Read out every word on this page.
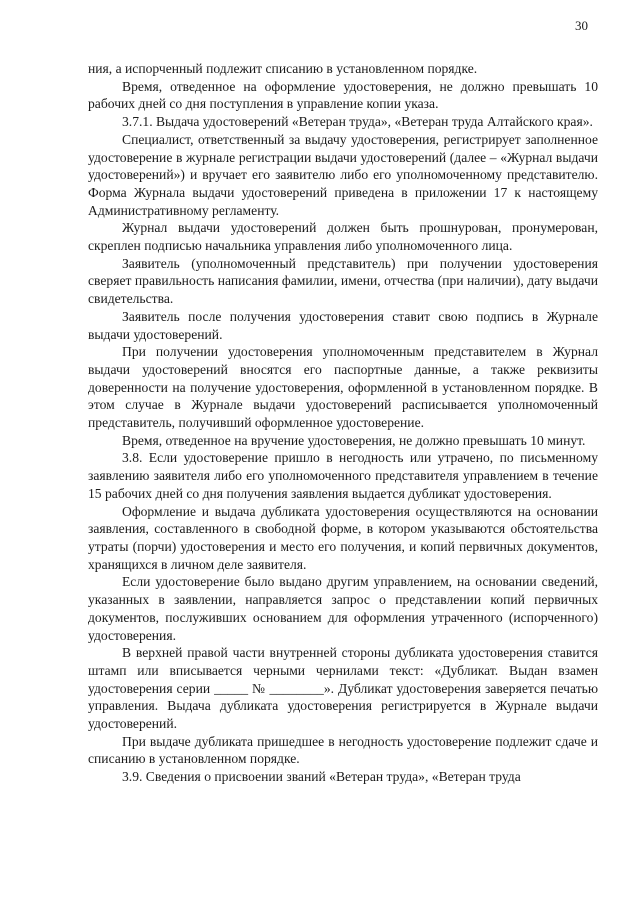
30

ния, а испорченный подлежит списанию в установленном порядке.

Время, отведенное на оформление удостоверения, не должно превышать 10 рабочих дней со дня поступления в управление копии указа.

3.7.1. Выдача удостоверений «Ветеран труда», «Ветеран труда Алтайского края».

Специалист, ответственный за выдачу удостоверения, регистрирует заполненное удостоверение в журнале регистрации выдачи удостоверений (далее – «Журнал выдачи удостоверений») и вручает его заявителю либо его уполномоченному представителю. Форма Журнала выдачи удостоверений приведена в приложении 17 к настоящему Административному регламенту.

Журнал выдачи удостоверений должен быть прошнурован, пронумерован, скреплен подписью начальника управления либо уполномоченного лица.

Заявитель (уполномоченный представитель) при получении удостоверения сверяет правильность написания фамилии, имени, отчества (при наличии), дату выдачи свидетельства.

Заявитель после получения удостоверения ставит свою подпись в Журнале выдачи удостоверений.

При получении удостоверения уполномоченным представителем в Журнал выдачи удостоверений вносятся его паспортные данные, а также реквизиты доверенности на получение удостоверения, оформленной в установленном порядке. В этом случае в Журнале выдачи удостоверений расписывается уполномоченный представитель, получивший оформленное удостоверение.

Время, отведенное на вручение удостоверения, не должно превышать 10 минут.

3.8. Если удостоверение пришло в негодность или утрачено, по письменному заявлению заявителя либо его уполномоченного представителя управлением в течение 15 рабочих дней со дня получения заявления выдается дубликат удостоверения.

Оформление и выдача дубликата удостоверения осуществляются на основании заявления, составленного в свободной форме, в котором указываются обстоятельства утраты (порчи) удостоверения и место его получения, и копий первичных документов, хранящихся в личном деле заявителя.

Если удостоверение было выдано другим управлением, на основании сведений, указанных в заявлении, направляется запрос о представлении копий первичных документов, послуживших основанием для оформления утраченного (испорченного) удостоверения.

В верхней правой части внутренней стороны дубликата удостоверения ставится штамп или вписывается черными чернилами текст: «Дубликат. Выдан взамен удостоверения серии _____ № ________». Дубликат удостоверения заверяется печатью управления. Выдача дубликата удостоверения регистрируется в Журнале выдачи удостоверений.

При выдаче дубликата пришедшее в негодность удостоверение подлежит сдаче и списанию в установленном порядке.

3.9. Сведения о присвоении званий «Ветеран труда», «Ветеран труда
